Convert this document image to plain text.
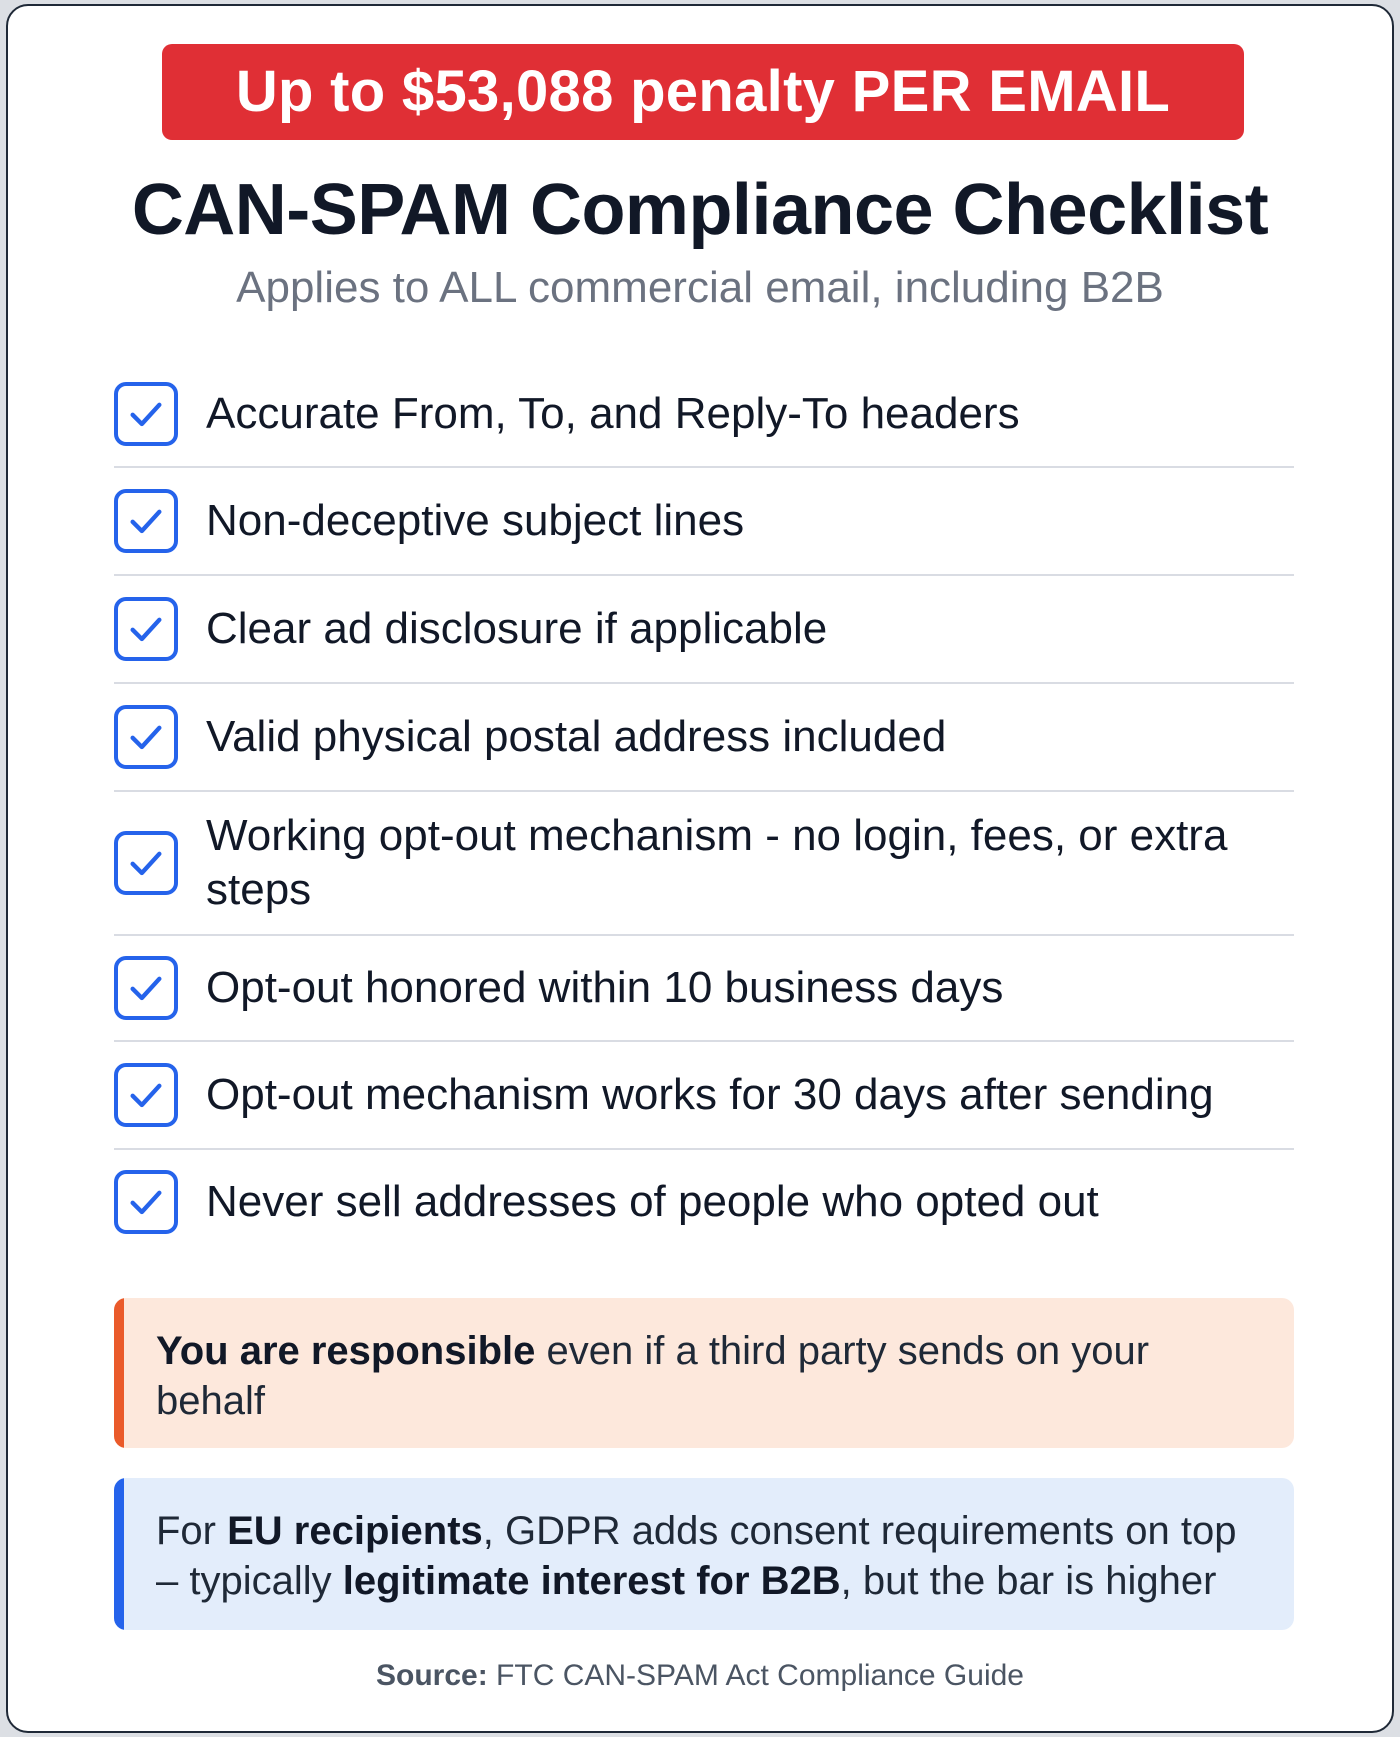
Up to $53,088 penalty PER EMAIL
CAN-SPAM Compliance Checklist

Applies to ALL commercial email, including B2B

Accurate From, To, and Reply-To headers
Non-deceptive subject lines
Clear ad disclosure if applicable
Valid physical postal address included
Working opt-out mechanism - no login, fees, or extra steps
Opt-out honored within 10 business days
Opt-out mechanism works for 30 days after sending
Never sell addresses of people who opted out
You are responsible even if a third party sends on your behalf
For EU recipients, GDPR adds consent requirements on top – typically legitimate interest for B2B, but the bar is higher

Source: FTC CAN-SPAM Act Compliance Guide
